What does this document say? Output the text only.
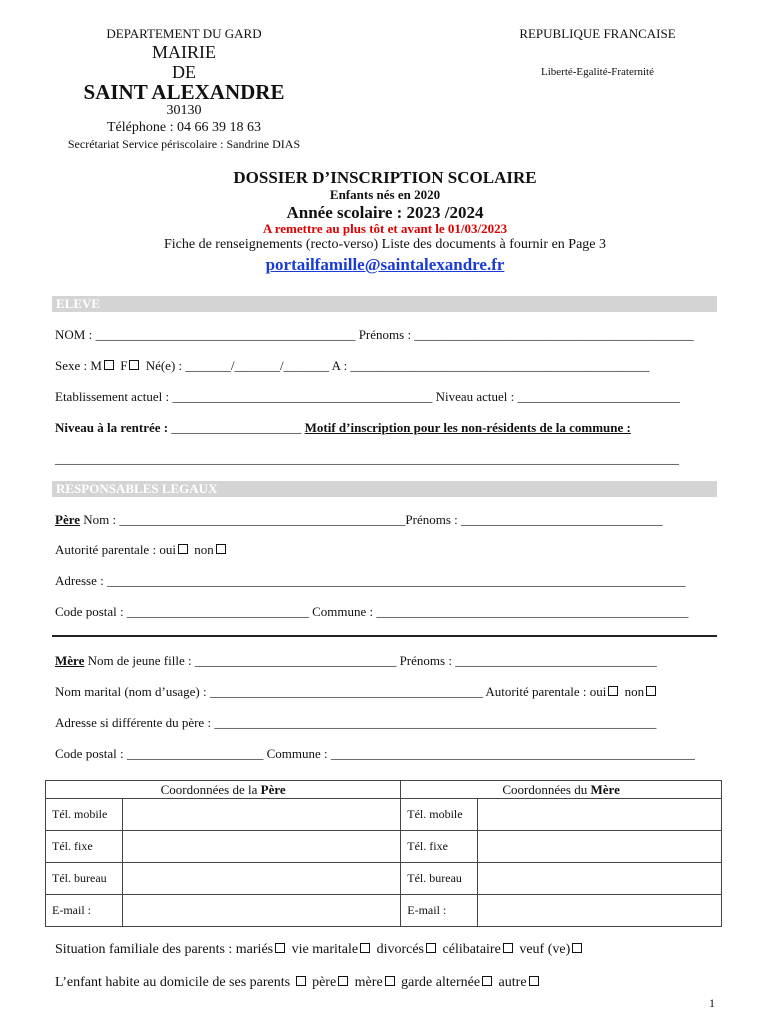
DEPARTEMENT DU GARD
MAIRIE
DE
SAINT ALEXANDRE
30130
Téléphone : 04 66 39 18 63
Secrétariat Service périscolaire : Sandrine DIAS
REPUBLIQUE FRANCAISE
Liberté-Egalité-Fraternité
DOSSIER D’INSCRIPTION SCOLAIRE
Enfants nés en 2020
Année scolaire : 2023 /2024
A remettre au plus tôt et avant le 01/03/2023
Fiche de renseignements (recto-verso) Liste des documents à fournir en Page 3
portailfamille@saintalexandre.fr
ELEVE
NOM : ________________________________________ Prénoms : ___________________________________________
Sexe : M F Né(e) : _______/_______/_______ A : ______________________________________________
Etablissement actuel : ________________________________________ Niveau actuel : _________________________
Niveau à la rentrée : ____________________ Motif d’inscription pour les non-résidents de la commune :
________________________________________________________________________________________________
RESPONSABLES LEGAUX
Père Nom : ____________________________________________Prénoms : _______________________________
Autorité parentale : oui non
Adresse : _________________________________________________________________________________________
Code postal : ____________________________ Commune : ________________________________________________
Mère Nom de jeune fille : _______________________________ Prénoms : _______________________________
Nom marital (nom d’usage) : __________________________________________ Autorité parentale : oui non
Adresse si différente du père : ____________________________________________________________________
Code postal : _____________________ Commune : ________________________________________________________
Coordonnées de la Père		Coordonnées du Mère	
Tél. mobile		Tél. mobile	
Tél. fixe		Tél. fixe	
Tél. bureau		Tél. bureau	
E-mail :		E-mail :	
Situation familiale des parents : mariés vie maritale divorcés célibataire veuf (ve)
L’enfant habite au domicile de ses parents père mère garde alternée autre
1
